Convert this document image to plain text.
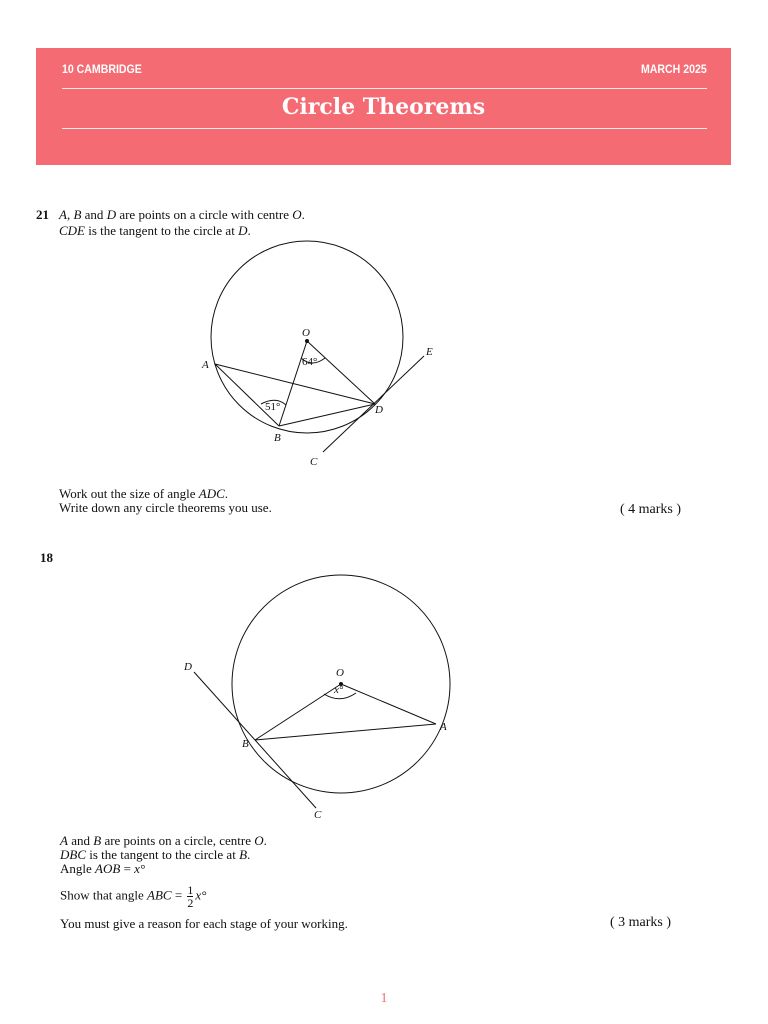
10 CAMBRIDGE	MARCH 2025
Circle Theorems
21 A, B and D are points on a circle with centre O.
CDE is the tangent to the circle at D.
O
A
B
C
D
E
64°
51°
O
A
B
C
D
x°
Work out the size of angle ADC.
Write down any circle theorems you use.	( 4 marks )
18
A and B are points on a circle, centre O.
DBC is the tangent to the circle at B.
Angle AOB = x°
Show that angle ABC = $\frac{1}{2} x^\circ$
You must give a reason for each stage of your working.	( 3 marks )
1
